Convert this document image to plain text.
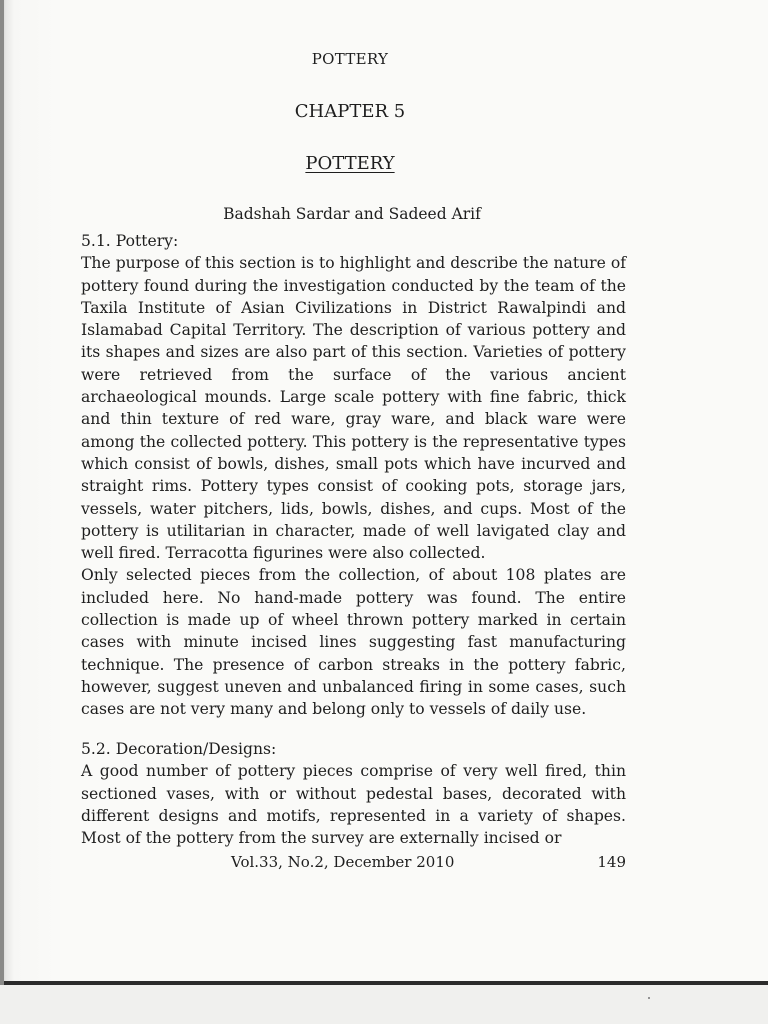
POTTERY
CHAPTER 5
POTTERY
Badshah Sardar and Sadeed Arif
5.1. Pottery:

The purpose of this section is to highlight and describe the nature of pottery found during the investigation conducted by the team of the Taxila Institute of Asian Civilizations in District Rawalpindi and Islamabad Capital Territory. The description of various pottery and its shapes and sizes are also part of this section. Varieties of pottery were retrieved from the surface of the various ancient archaeological mounds. Large scale pottery with fine fabric, thick and thin texture of red ware, gray ware, and black ware were among the collected pottery. This pottery is the representative types which consist of bowls, dishes, small pots which have incurved and straight rims. Pottery types consist of cooking pots, storage jars, vessels, water pitchers, lids, bowls, dishes, and cups. Most of the pottery is utilitarian in character, made of well lavigated clay and well fired. Terracotta figurines were also collected.

Only selected pieces from the collection, of about 108 plates are included here. No hand-made pottery was found. The entire collection is made up of wheel thrown pottery marked in certain cases with minute incised lines suggesting fast manufacturing technique. The presence of carbon streaks in the pottery fabric, however, suggest uneven and unbalanced firing in some cases, such cases are not very many and belong only to vessels of daily use.

5.2. Decoration/Designs:

A good number of pottery pieces comprise of very well fired, thin sectioned vases, with or without pedestal bases, decorated with different designs and motifs, represented in a variety of shapes. Most of the pottery from the survey are externally incised or

Vol.33, No.2, December 2010	149
